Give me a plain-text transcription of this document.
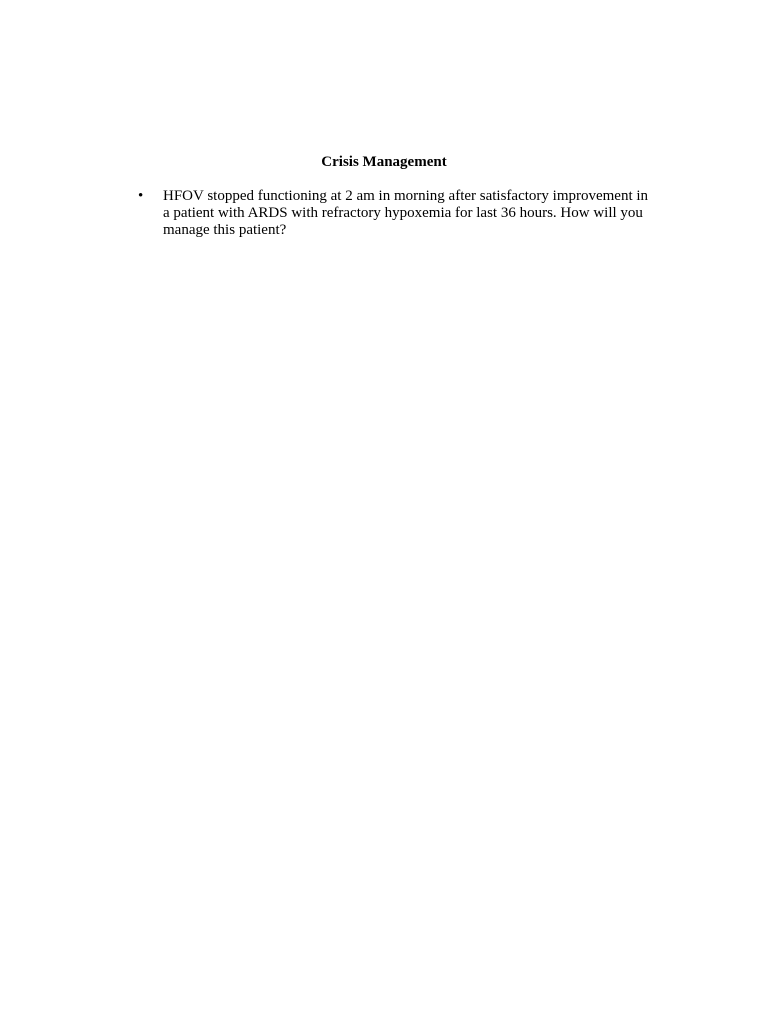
Crisis Management
• HFOV stopped functioning at 2 am in morning after satisfactory improvement in a patient with ARDS with refractory hypoxemia for last 36 hours. How will you manage this patient?
